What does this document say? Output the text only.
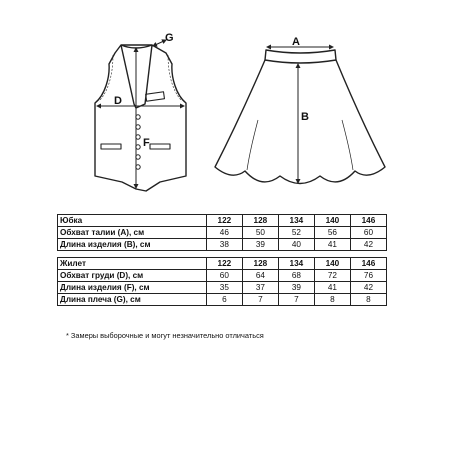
G
D
F
A
B
Юбка	122	128	134	140	146
Обхват талии (A), см	46	50	52	56	60
Длина изделия (B), см	38	39	40	41	42
Жилет	122	128	134	140	146
Обхват груди (D), см	60	64	68	72	76
Длина изделия (F), см	35	37	39	41	42
Длина плеча (G), см	6	7	7	8	8
* Замеры выборочные и могут незначительно отличаться
